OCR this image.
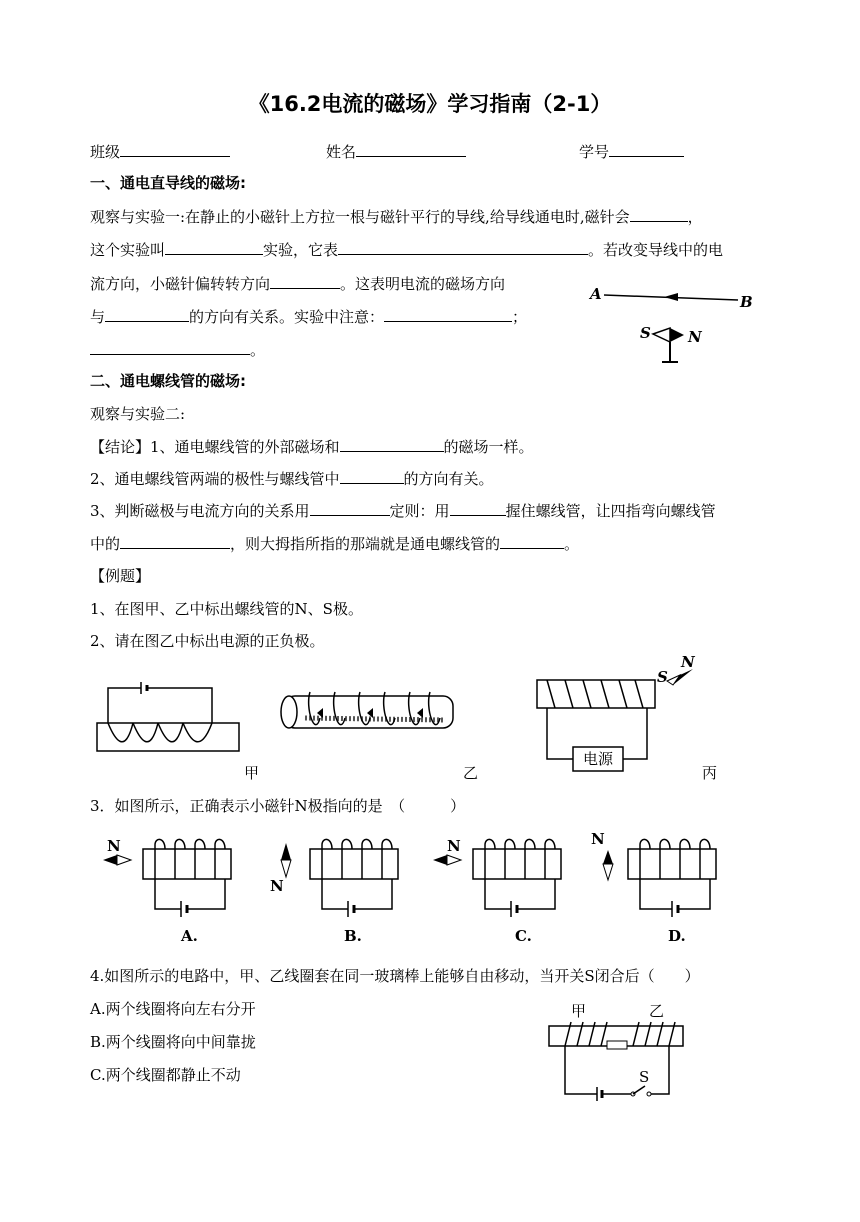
《16.2电流的磁场》学习指南（2-1）
班级	姓名	学号
一、通电直导线的磁场:
观察与实验一:在静止的小磁针上方拉一根与磁针平行的导线,给导线通电时,磁针会	，
这个实验叫	实验，它表	。若改变导线中的电
流方向，小磁针偏转转方向	。这表明电流的磁场方向
与	的方向有关系。实验中注意：	；
。
A	B
S N
二、通电螺线管的磁场:
观察与实验二:
【结论】1、通电螺线管的外部磁场和	的磁场一样。
2、通电螺线管两端的极性与螺线管中	的方向有关。
3、判断磁极与电流方向的关系用	定则：用	握住螺线管，让四指弯向螺线管
中的	，则大拇指所指的那端就是通电螺线管的	。
【例题】
1、在图甲、乙中标出螺线管的N、S极。
2、请在图乙中标出电源的正负极。
甲	乙
电源
S
N
丙
3．如图所示，正确表示小磁针N极指向的是　（　　　）
N
A.
N
B.
N
C.
N
D.
4.如图所示的电路中，甲、乙线圈套在同一玻璃棒上能够自由移动，当开关S闭合后（　　）
A.两个线圈将向左右分开
B.两个线圈将向中间靠拢
C.两个线圈都静止不动
甲	乙
S
